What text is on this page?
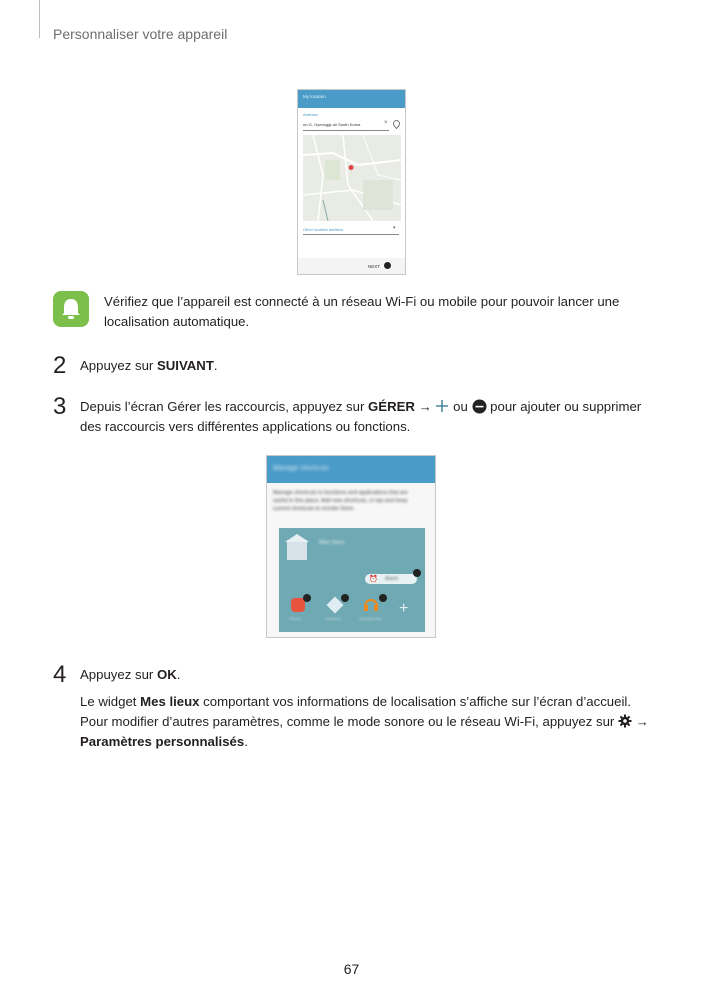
Personnaliser votre appareil
My location
Address
un-G, Gyeonggi-do South Korea	×
Other location address	▾
NEXT
Vérifiez que l’appareil est connecté à un réseau Wi-Fi ou mobile pour pouvoir lancer une localisation automatique.
2 Appuyez sur SUIVANT.
3 Depuis l’écran Gérer les raccourcis, appuyez sur GÉRER → ou pour ajouter ou supprimer
des raccourcis vers différentes applications ou fonctions.
Manage shortcuts
Manage shortcuts to functions and applications that are useful in this place. Add new shortcuts, or tap and keep current shortcuts to reorder them.
Mes lieux
⏰ Alarm
+
Phone	Vibration	Headphones
4 Appuyez sur OK.
Le widget Mes lieux comportant vos informations de localisation s’affiche sur l’écran d’accueil.
Pour modifier d’autres paramètres, comme le mode sonore ou le réseau Wi-Fi, appuyez sur →
Paramètres personnalisés.
67
